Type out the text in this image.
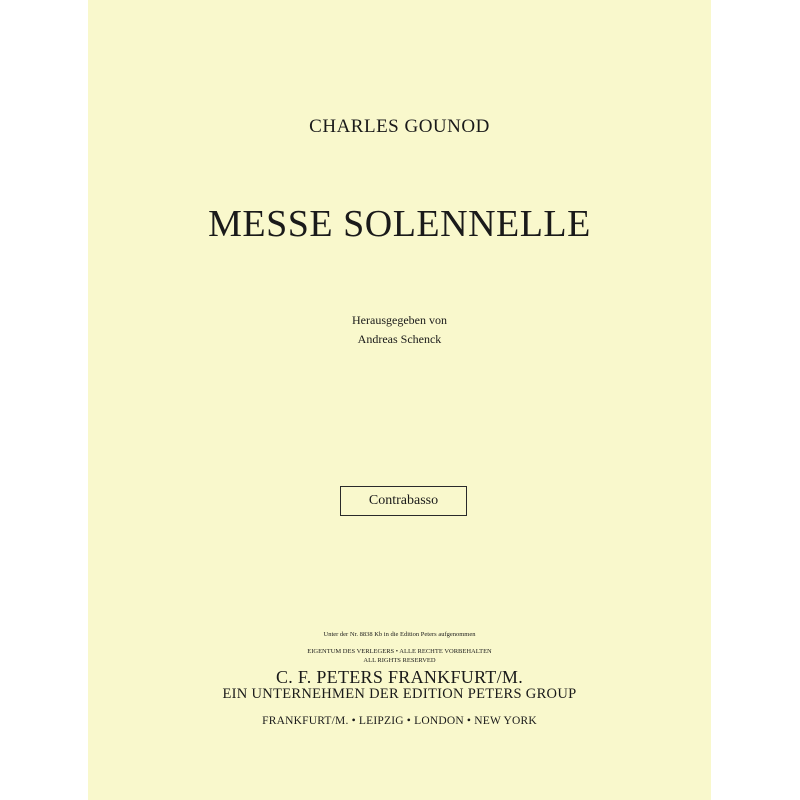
CHARLES GOUNOD
MESSE SOLENNELLE
Herausgegeben von
Andreas Schenck
Contrabasso
Unter der Nr. 8838 Kb in die Edition Peters aufgenommen
EIGENTUM DES VERLEGERS • ALLE RECHTE VORBEHALTEN
ALL RIGHTS RESERVED
C. F. PETERS FRANKFURT/M.
EIN UNTERNEHMEN DER EDITION PETERS GROUP
FRANKFURT/M. • LEIPZIG • LONDON • NEW YORK
